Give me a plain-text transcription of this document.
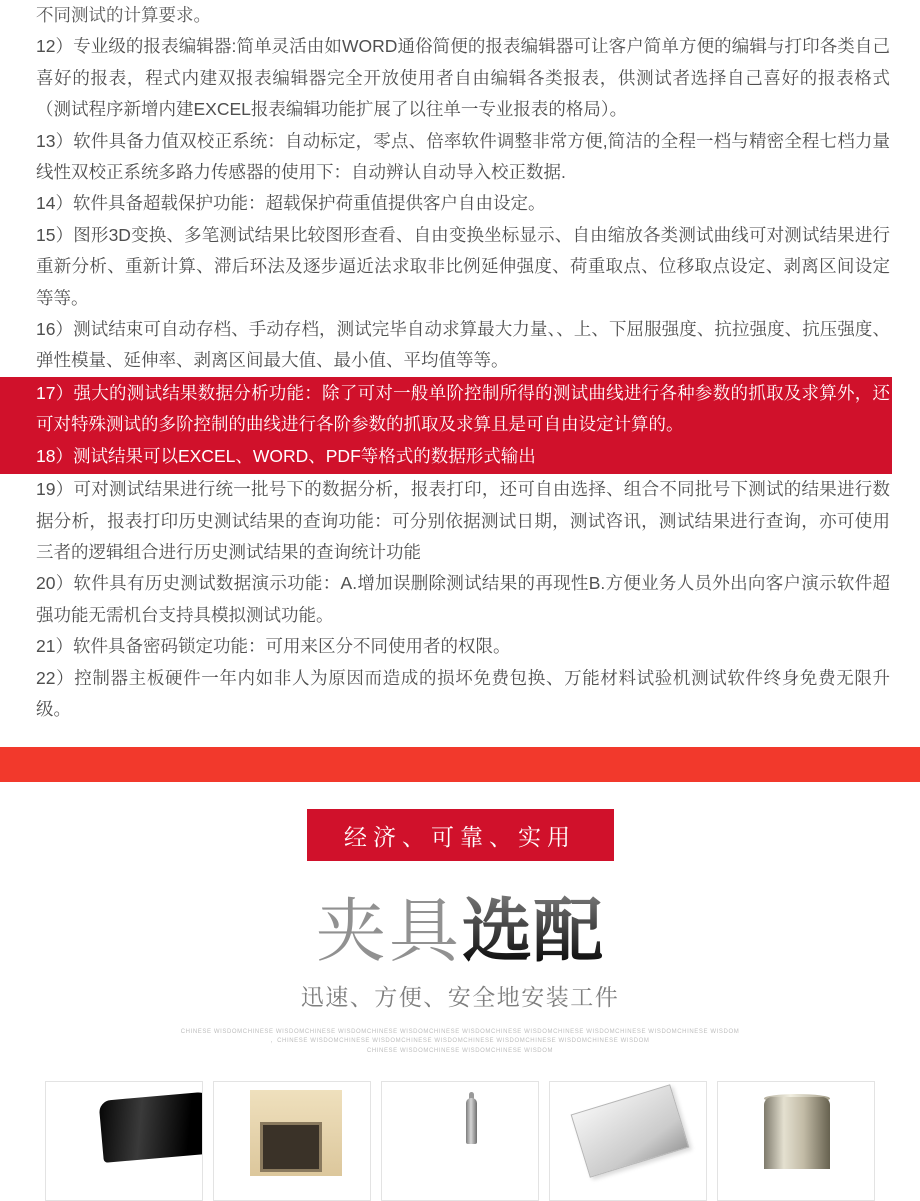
不同测试的计算要求。

12）专业级的报表编辑器:简单灵活由如WORD通俗简便的报表编辑器可让客户简单方便的编辑与打印各类自己喜好的报表，程式内建双报表编辑器完全开放使用者自由编辑各类报表，供测试者选择自己喜好的报表格式（测试程序新增内建EXCEL报表编辑功能扩展了以往单一专业报表的格局）。

13）软件具备力值双校正系统：自动标定，零点、倍率软件调整非常方便,简洁的全程一档与精密全程七档力量线性双校正系统多路力传感器的使用下：自动辨认自动导入校正数据.

14）软件具备超载保护功能：超载保护荷重值提供客户自由设定。

15）图形3D变换、多笔测试结果比较图形查看、自由变换坐标显示、自由缩放各类测试曲线可对测试结果进行重新分析、重新计算、滞后环法及逐步逼近法求取非比例延伸强度、荷重取点、位移取点设定、剥离区间设定等等。

16）测试结束可自动存档、手动存档，测试完毕自动求算最大力量、、上、下屈服强度、抗拉强度、抗压强度、弹性模量、延伸率、剥离区间最大值、最小值、平均值等等。

17）强大的测试结果数据分析功能：除了可对一般单阶控制所得的测试曲线进行各种参数的抓取及求算外，还可对特殊测试的多阶控制的曲线进行各阶参数的抓取及求算且是可自由设定计算的。

18）测试结果可以EXCEL、WORD、PDF等格式的数据形式输出

19）可对测试结果进行统一批号下的数据分析，报表打印，还可自由选择、组合不同批号下测试的结果进行数据分析，报表打印历史测试结果的查询功能：可分别依据测试日期，测试咨讯，测试结果进行查询，亦可使用三者的逻辑组合进行历史测试结果的查询统计功能

20）软件具有历史测试数据演示功能：A.增加误删除测试结果的再现性B.方便业务人员外出向客户演示软件超强功能无需机台支持具模拟测试功能。

21）软件具备密码锁定功能：可用来区分不同使用者的权限。

22）控制器主板硬件一年内如非人为原因而造成的损坏免费包换、万能材料试验机测试软件终身免费无限升级。

经济、可靠、实用
夹具选配
迅速、方便、安全地安装工件
CHINESE WISDOMCHINESE WISDOMCHINESE WISDOMCHINESE WISDOMCHINESE WISDOMCHINESE WISDOMCHINESE WISDOMCHINESE WISDOMCHINESE WISDOM
，CHINESE WISDOMCHINESE WISDOMCHINESE WISDOMCHINESE WISDOMCHINESE WISDOMCHINESE WISDOM
CHINESE WISDOMCHINESE WISDOMCHINESE WISDOM
